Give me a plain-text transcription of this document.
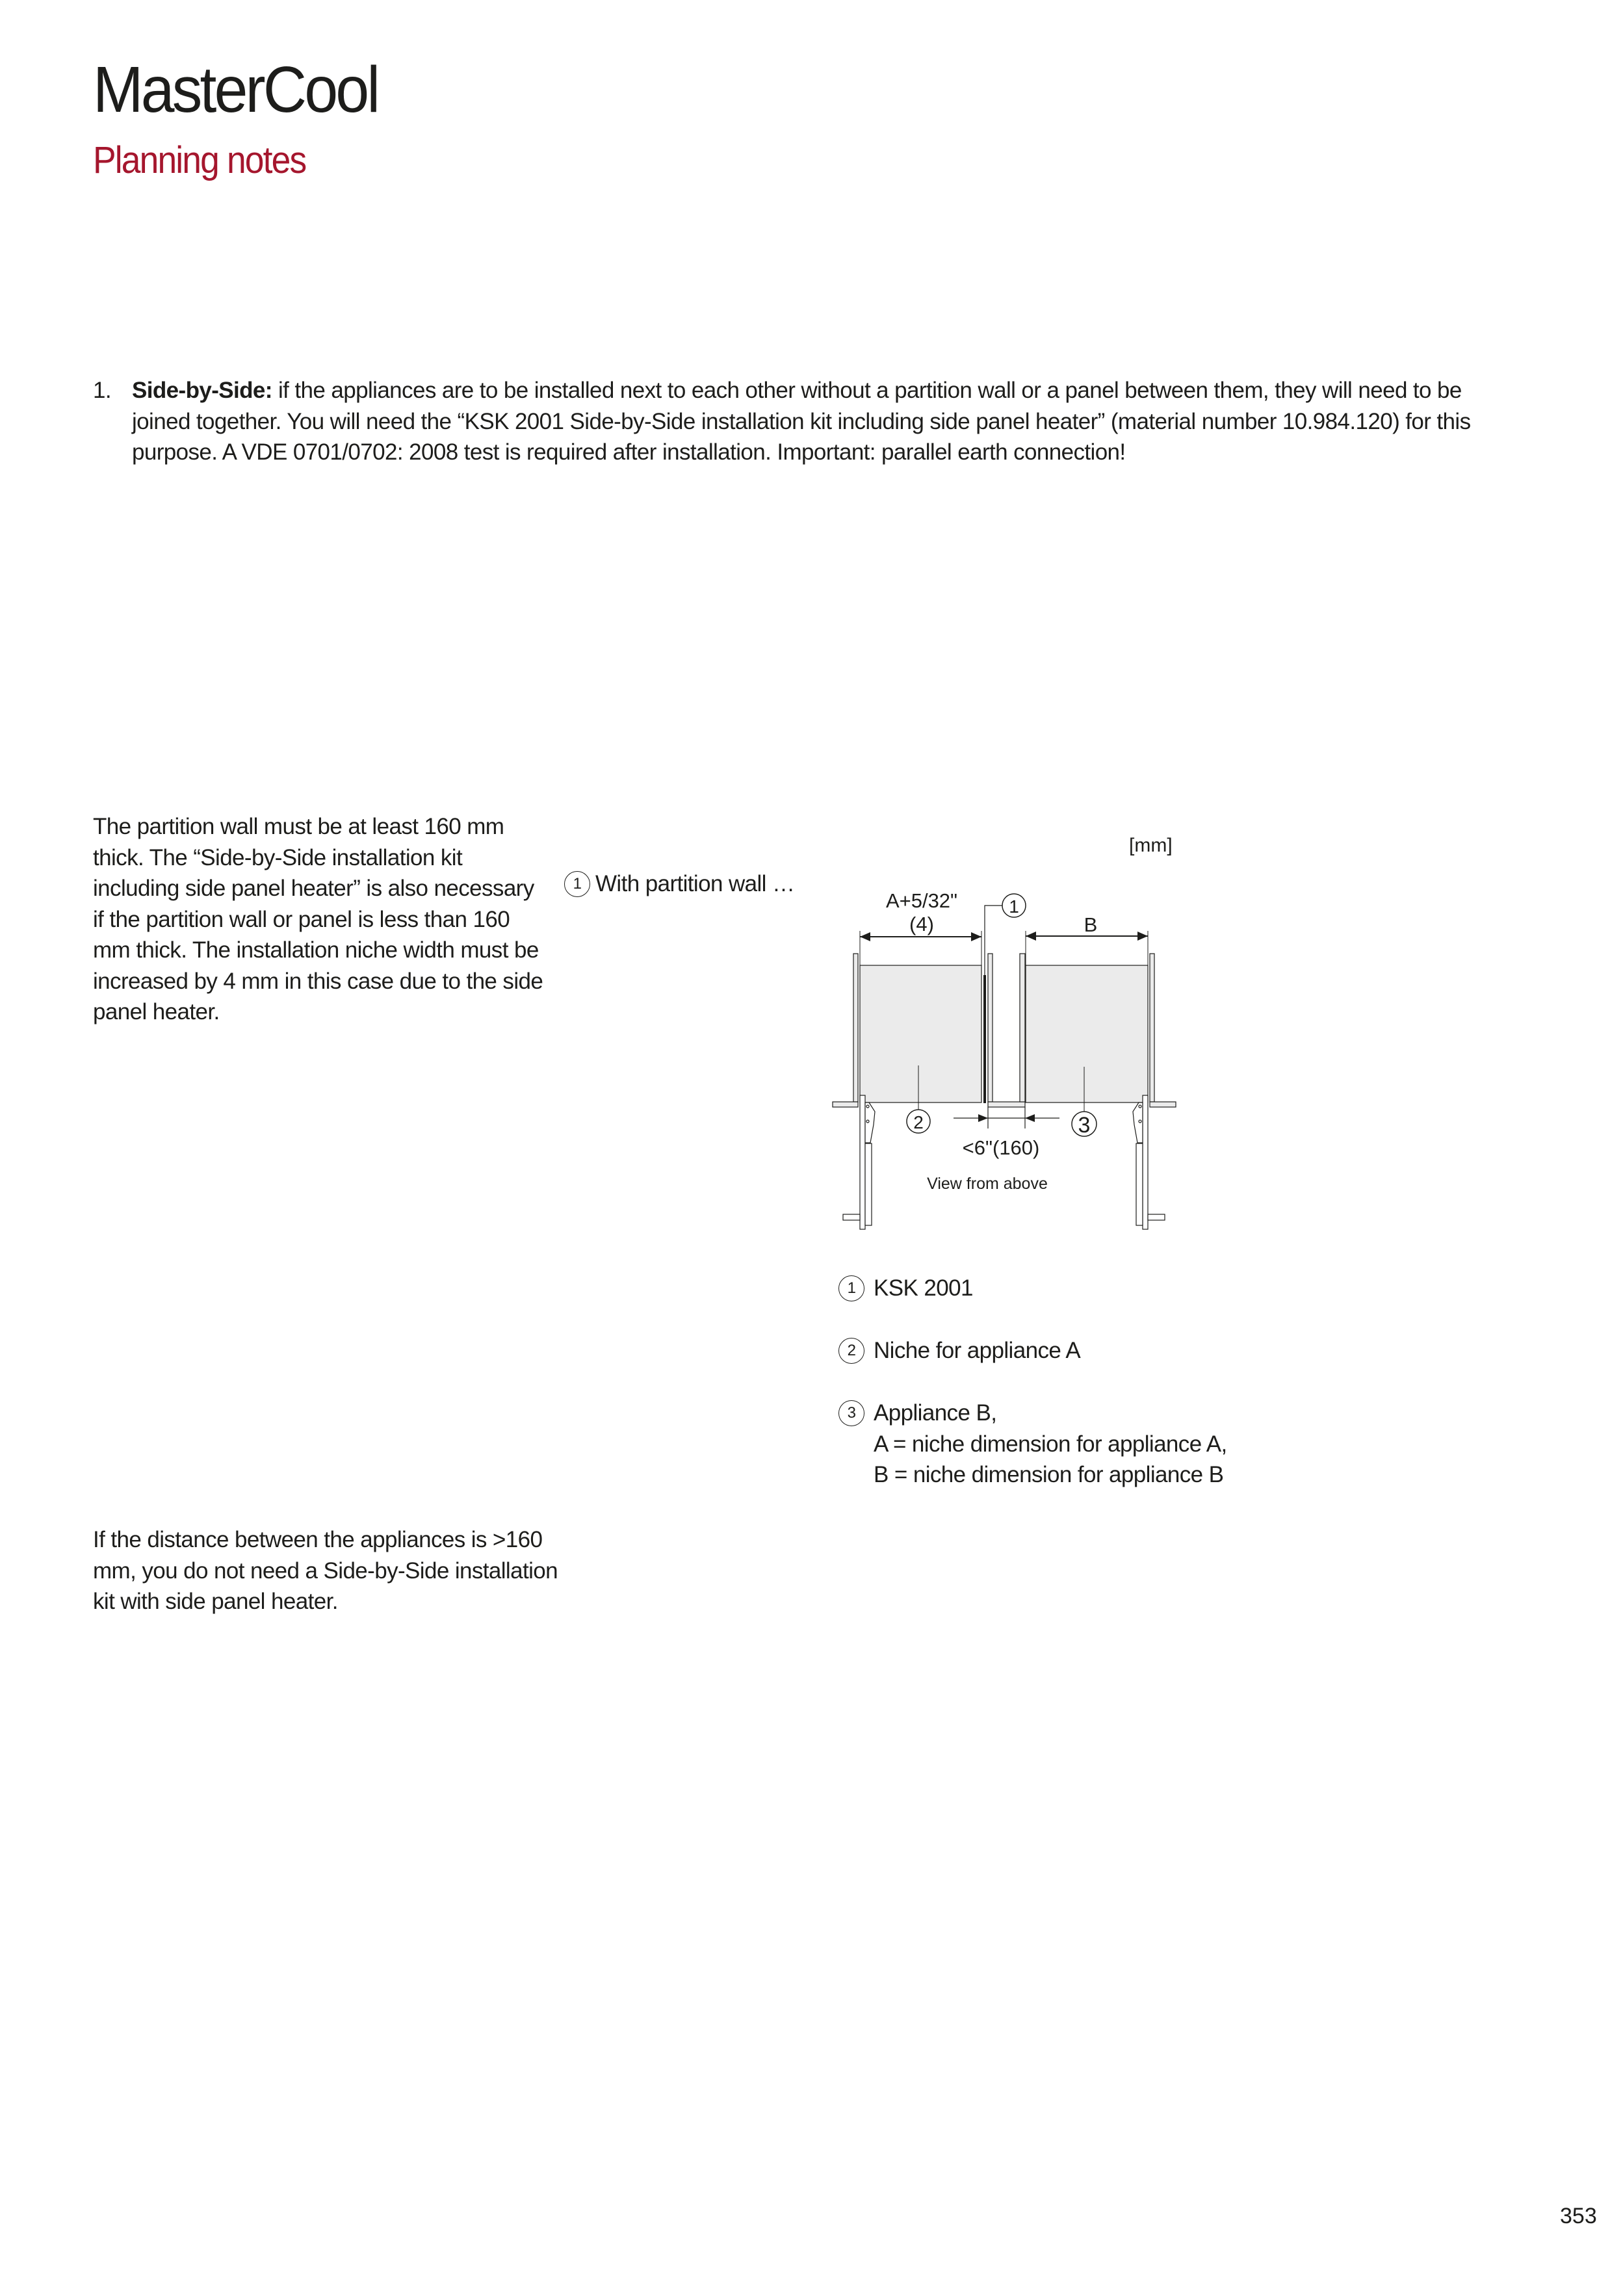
MasterCool
Planning notes
1. Side-by-Side: if the appliances are to be installed next to each other without a partition wall or a panel between them, they will need to be joined together. You will need the “KSK 2001 Side-by-Side installation kit including side panel heater” (material number 10.984.120) for this purpose. A VDE 0701/0702: 2008 test is required after installation. Important: parallel earth connection!
The partition wall must be at least 160 mm thick. The “Side-by-Side installation kit including side panel heater” is also necessary if the partition wall or panel is less than 160 mm thick. The installation niche width must be increased by 4 mm in this case due to the side panel heater.
1 With partition wall …
[mm]
A+5/32"
(4)	B
1
2	3
<6"(160)
View from above
1 KSK 2001
2 Niche for appliance A
3 Appliance B,
A = niche dimension for appliance A,
B = niche dimension for appliance B
If the distance between the appliances is >160 mm, you do not need a Side-by-Side installation kit with side panel heater.
353
